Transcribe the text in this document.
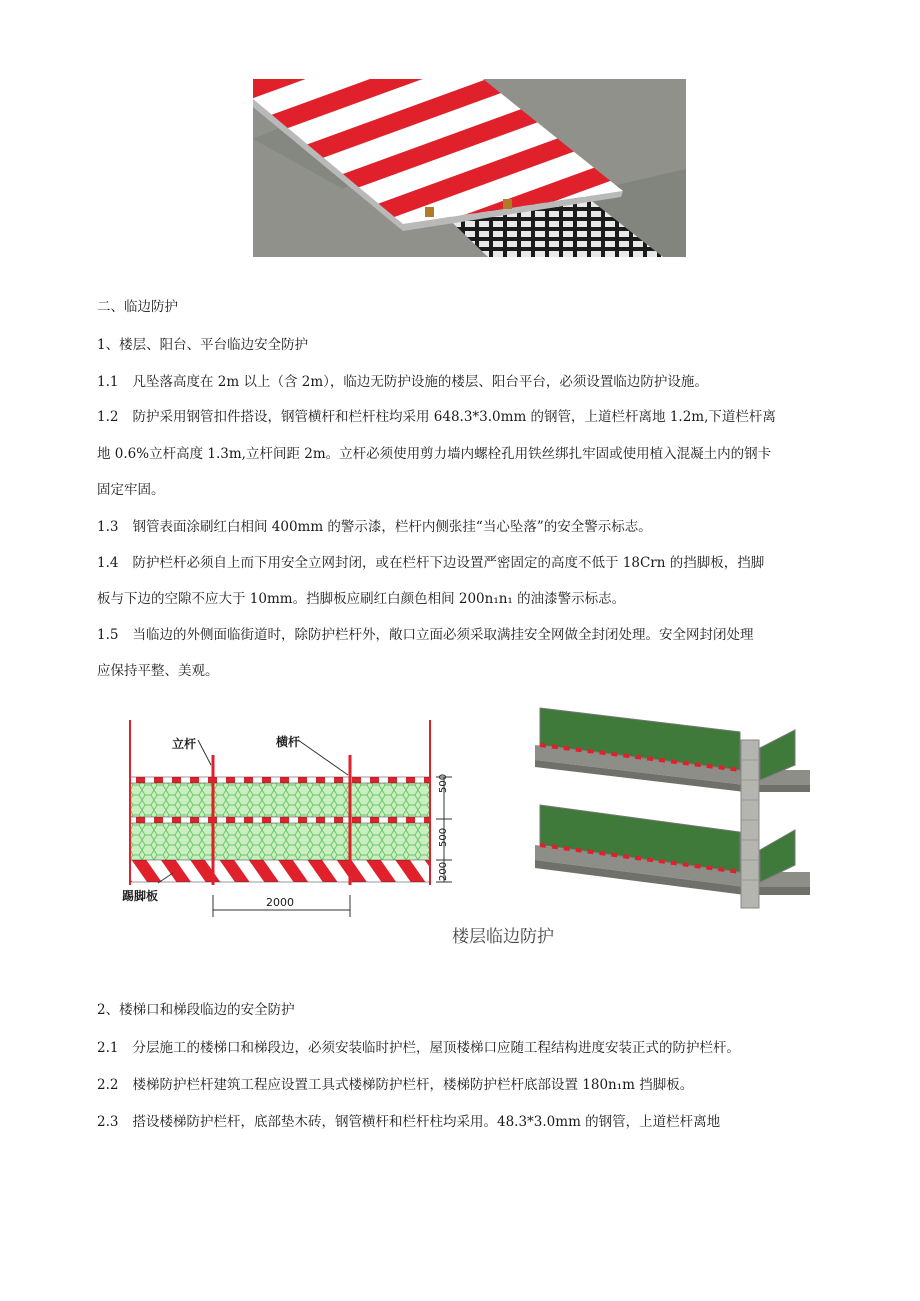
二、临边防护
1、楼层、阳台、平台临边安全防护
1.1 凡坠落高度在 2m 以上（含 2m），临边无防护设施的楼层、阳台平台，必须设置临边防护设施。
1.2 防护采用钢管扣件搭设，钢管横杆和栏杆柱均采用 648.3*3.0mm 的钢管，上道栏杆离地 1.2m,下道栏杆离
地 0.6%立杆高度 1.3m,立杆间距 2m。立杆必须使用剪力墙内螺栓孔用铁丝绑扎牢固或使用植入混凝土内的钢卡
固定牢固。
1.3 钢管表面涂刷红白相间 400mm 的警示漆，栏杆内侧张挂“当心坠落”的安全警示标志。
1.4 防护栏杆必须自上而下用安全立网封闭，或在栏杆下边设置严密固定的高度不低于 18Crn 的挡脚板，挡脚
板与下边的空隙不应大于 10mm。挡脚板应刷红白颜色相间 200n₁n₁ 的油漆警示标志。
1.5 当临边的外侧面临街道时，除防护栏杆外，敞口立面必须采取满挂安全网做全封闭处理。安全网封闭处理
应保持平整、美观。
立杆	横杆
踢脚板
500
500
200
2000
楼层临边防护
2、楼梯口和梯段临边的安全防护
2.1 分层施工的楼梯口和梯段边，必须安装临时护栏，屋顶楼梯口应随工程结构进度安装正式的防护栏杆。
2.2 楼梯防护栏杆建筑工程应设置工具式楼梯防护栏杆，楼梯防护栏杆底部设置 180n₁m 挡脚板。
2.3 搭设楼梯防护栏杆，底部垫木砖，钢管横杆和栏杆柱均采用。48.3*3.0mm 的钢管，上道栏杆离地
